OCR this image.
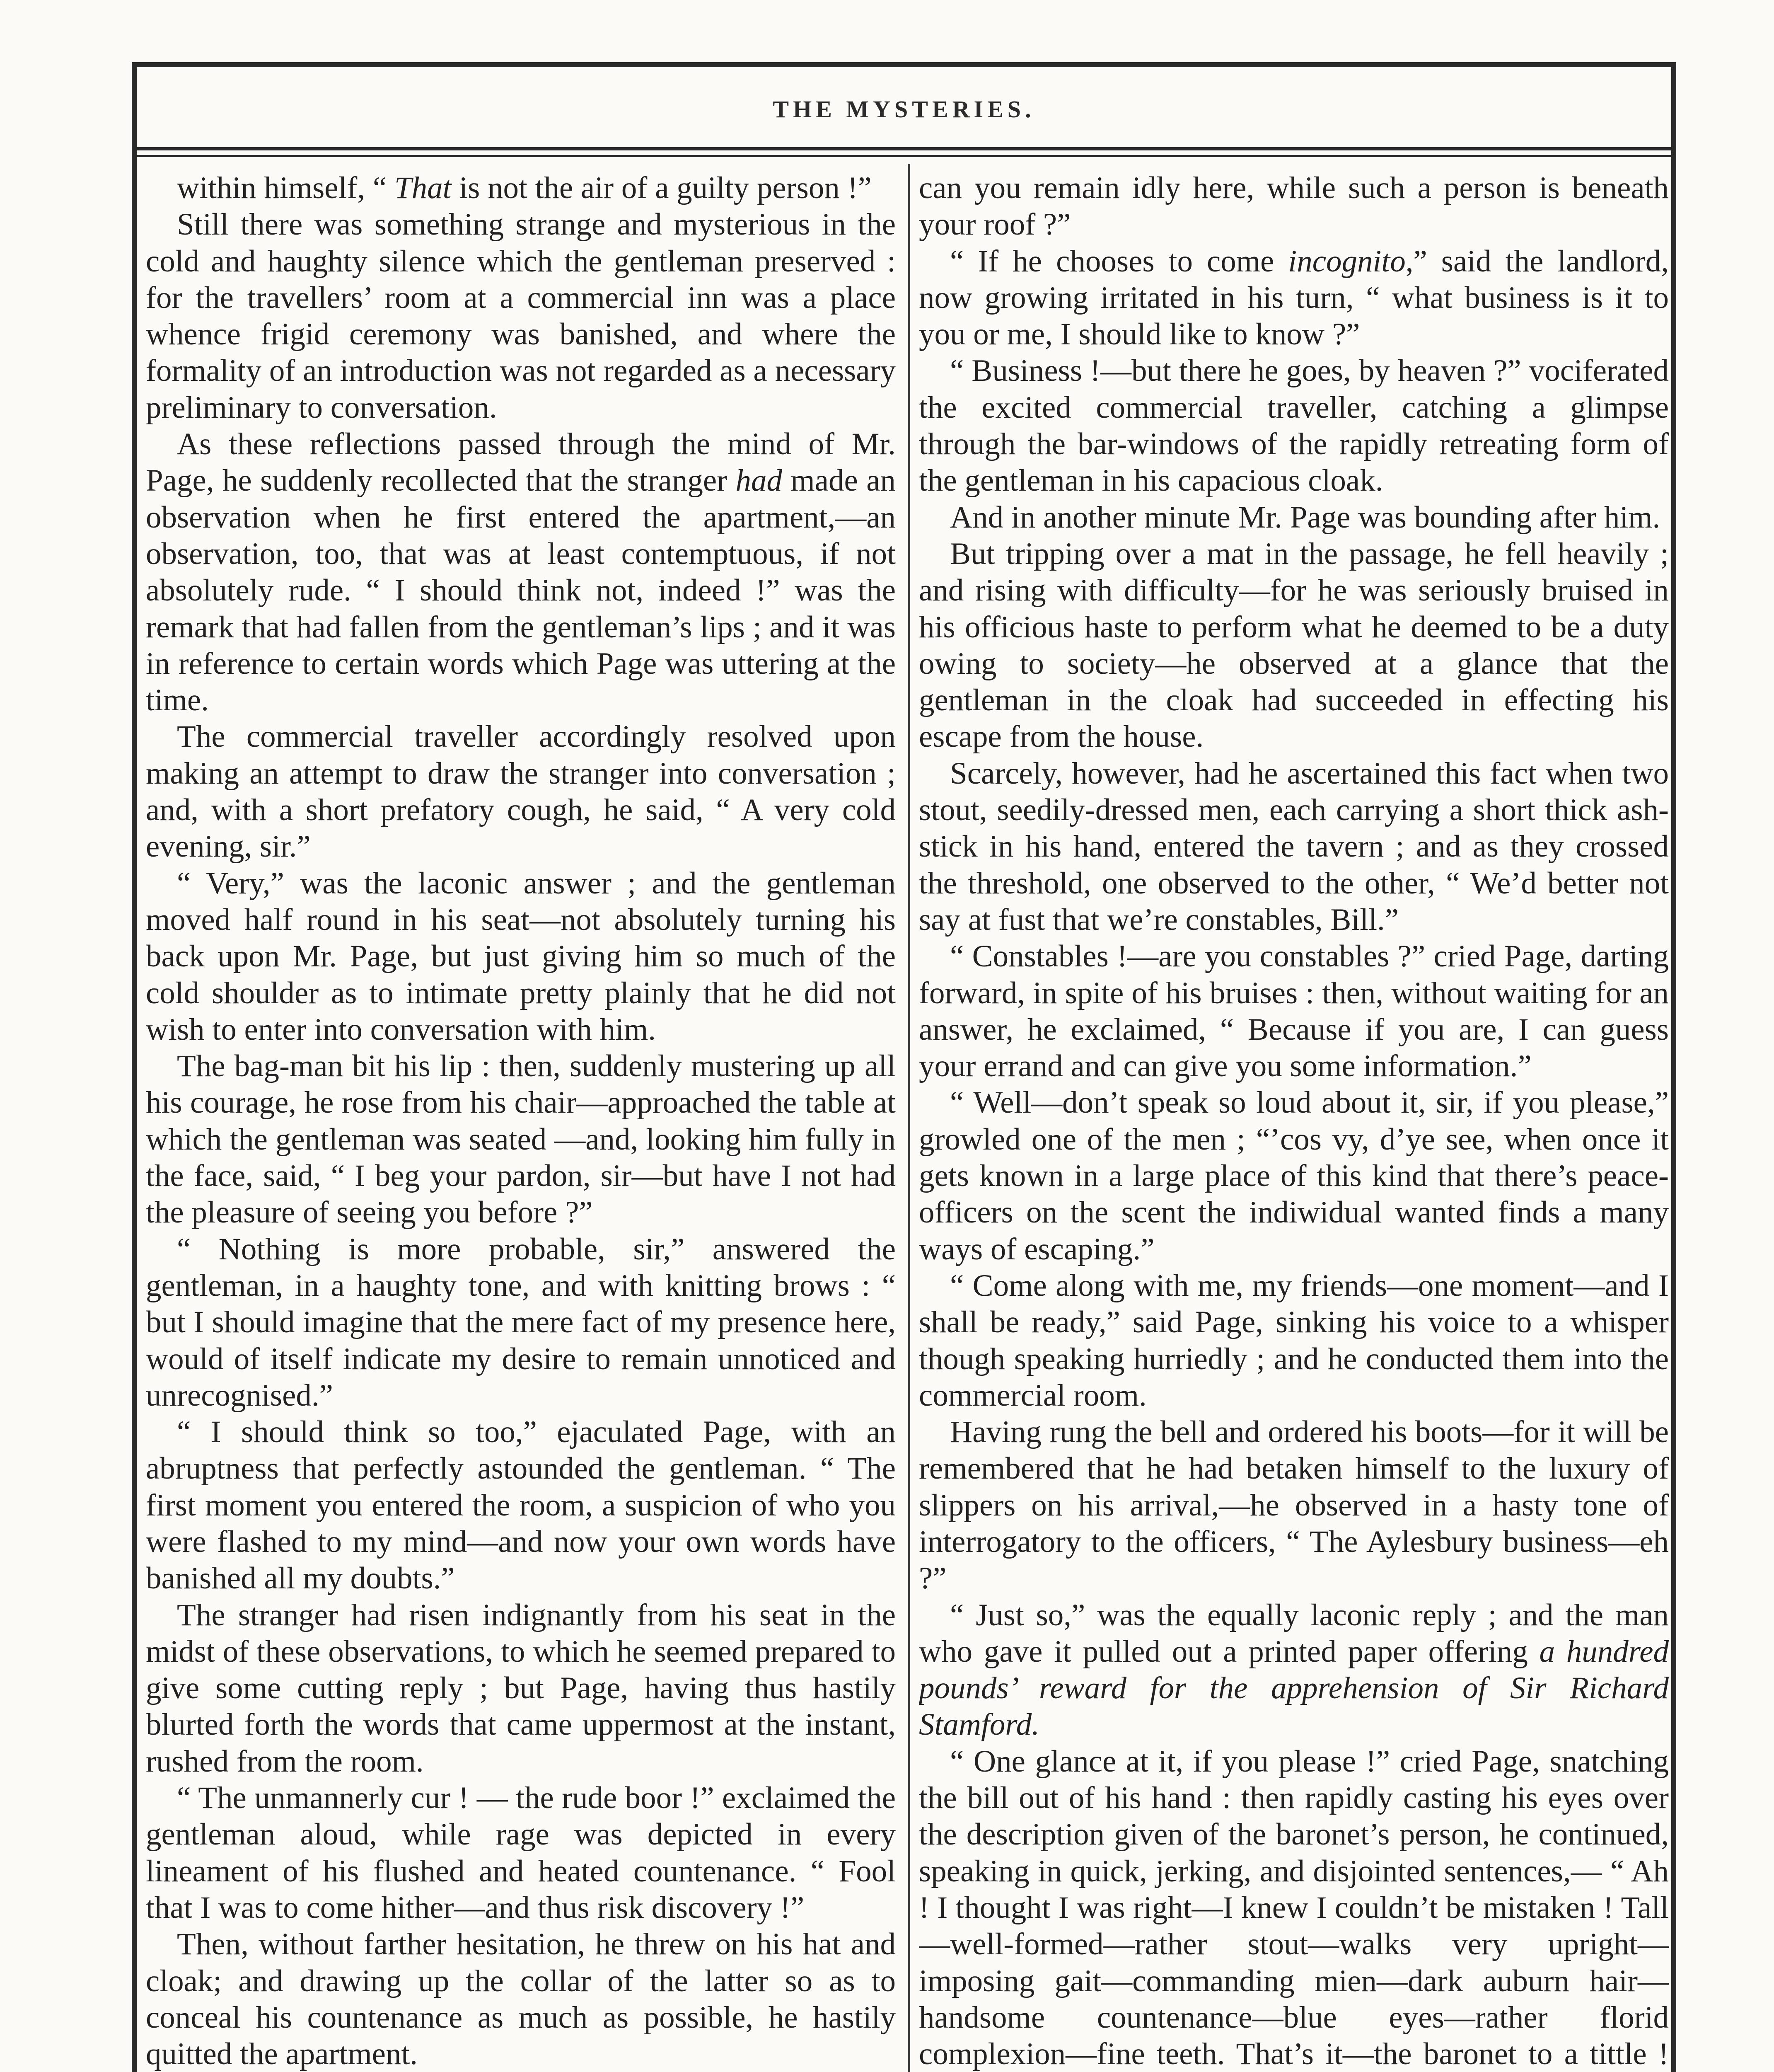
THE MYSTERIES.

within himself, “ That is not the air of a guilty person !”

Still there was something strange and mysterious in the cold and haughty silence which the gentleman preserved : for the travellers’ room at a commercial inn was a place whence frigid ceremony was banished, and where the formality of an introduction was not regarded as a necessary preliminary to conversation.

As these reflections passed through the mind of Mr. Page, he suddenly recollected that the stranger had made an observation when he first entered the apartment,—an observation, too, that was at least contemptuous, if not absolutely rude. “ I should think not, indeed !” was the remark that had fallen from the gentleman’s lips ; and it was in reference to certain words which Page was uttering at the time.

The commercial traveller accordingly resolved upon making an attempt to draw the stranger into conversation ; and, with a short prefatory cough, he said, “ A very cold evening, sir.”

“ Very,” was the laconic answer ; and the gentleman moved half round in his seat—not absolutely turning his back upon Mr. Page, but just giving him so much of the cold shoulder as to intimate pretty plainly that he did not wish to enter into conversation with him.

The bag-man bit his lip : then, suddenly mustering up all his courage, he rose from his chair—approached the table at which the gentleman was seated —and, looking him fully in the face, said, “ I beg your pardon, sir—but have I not had the pleasure of seeing you before ?”

“ Nothing is more probable, sir,” answered the gentleman, in a haughty tone, and with knitting brows : “ but I should imagine that the mere fact of my presence here, would of itself indicate my desire to remain unnoticed and unrecognised.”

“ I should think so too,” ejaculated Page, with an abruptness that perfectly astounded the gentleman. “ The first moment you entered the room, a suspicion of who you were flashed to my mind—and now your own words have banished all my doubts.”

The stranger had risen indignantly from his seat in the midst of these observations, to which he seemed prepared to give some cutting reply ; but Page, having thus hastily blurted forth the words that came uppermost at the instant, rushed from the room.

“ The unmannerly cur ! — the rude boor !” exclaimed the gentleman aloud, while rage was depicted in every lineament of his flushed and heated countenance. “ Fool that I was to come hither—and thus risk discovery !”

Then, without farther hesitation, he threw on his hat and cloak; and drawing up the collar of the latter so as to conceal his countenance as much as possible, he hastily quitted the apartment.

can you remain idly here, while such a person is beneath your roof ?”

“ If he chooses to come incognito,” said the landlord, now growing irritated in his turn, “ what business is it to you or me, I should like to know ?”

“ Business !—but there he goes, by heaven ?” vociferated the excited commercial traveller, catching a glimpse through the bar-windows of the rapidly retreating form of the gentleman in his capacious cloak.

And in another minute Mr. Page was bounding after him.

But tripping over a mat in the passage, he fell heavily ; and rising with difficulty—for he was seriously bruised in his officious haste to perform what he deemed to be a duty owing to society—he observed at a glance that the gentleman in the cloak had succeeded in effecting his escape from the house.

Scarcely, however, had he ascertained this fact when two stout, seedily-dressed men, each carrying a short thick ash-stick in his hand, entered the tavern ; and as they crossed the threshold, one observed to the other, “ We’d better not say at fust that we’re constables, Bill.”

“ Constables !—are you constables ?” cried Page, darting forward, in spite of his bruises : then, without waiting for an answer, he exclaimed, “ Because if you are, I can guess your errand and can give you some information.”

“ Well—don’t speak so loud about it, sir, if you please,” growled one of the men ; “’cos vy, d’ye see, when once it gets known in a large place of this kind that there’s peace-officers on the scent the indiwidual wanted finds a many ways of escaping.”

“ Come along with me, my friends—one moment—and I shall be ready,” said Page, sinking his voice to a whisper though speaking hurriedly ; and he conducted them into the commercial room.

Having rung the bell and ordered his boots—for it will be remembered that he had betaken himself to the luxury of slippers on his arrival,—he observed in a hasty tone of interrogatory to the officers, “ The Aylesbury business—eh ?”

“ Just so,” was the equally laconic reply ; and the man who gave it pulled out a printed paper offering a hundred pounds’ reward for the apprehension of Sir Richard Stamford.

“ One glance at it, if you please !” cried Page, snatching the bill out of his hand : then rapidly casting his eyes over the description given of the baronet’s person, he continued, speaking in quick, jerking, and disjointed sentences,— “ Ah ! I thought I was right—I knew I couldn’t be mistaken ! Tall—well-formed—rather stout—walks very upright—imposing gait—commanding mien—dark auburn hair—handsome countenance—blue eyes—rather florid complexion—fine teeth. That’s it—the baronet to a tittle !
